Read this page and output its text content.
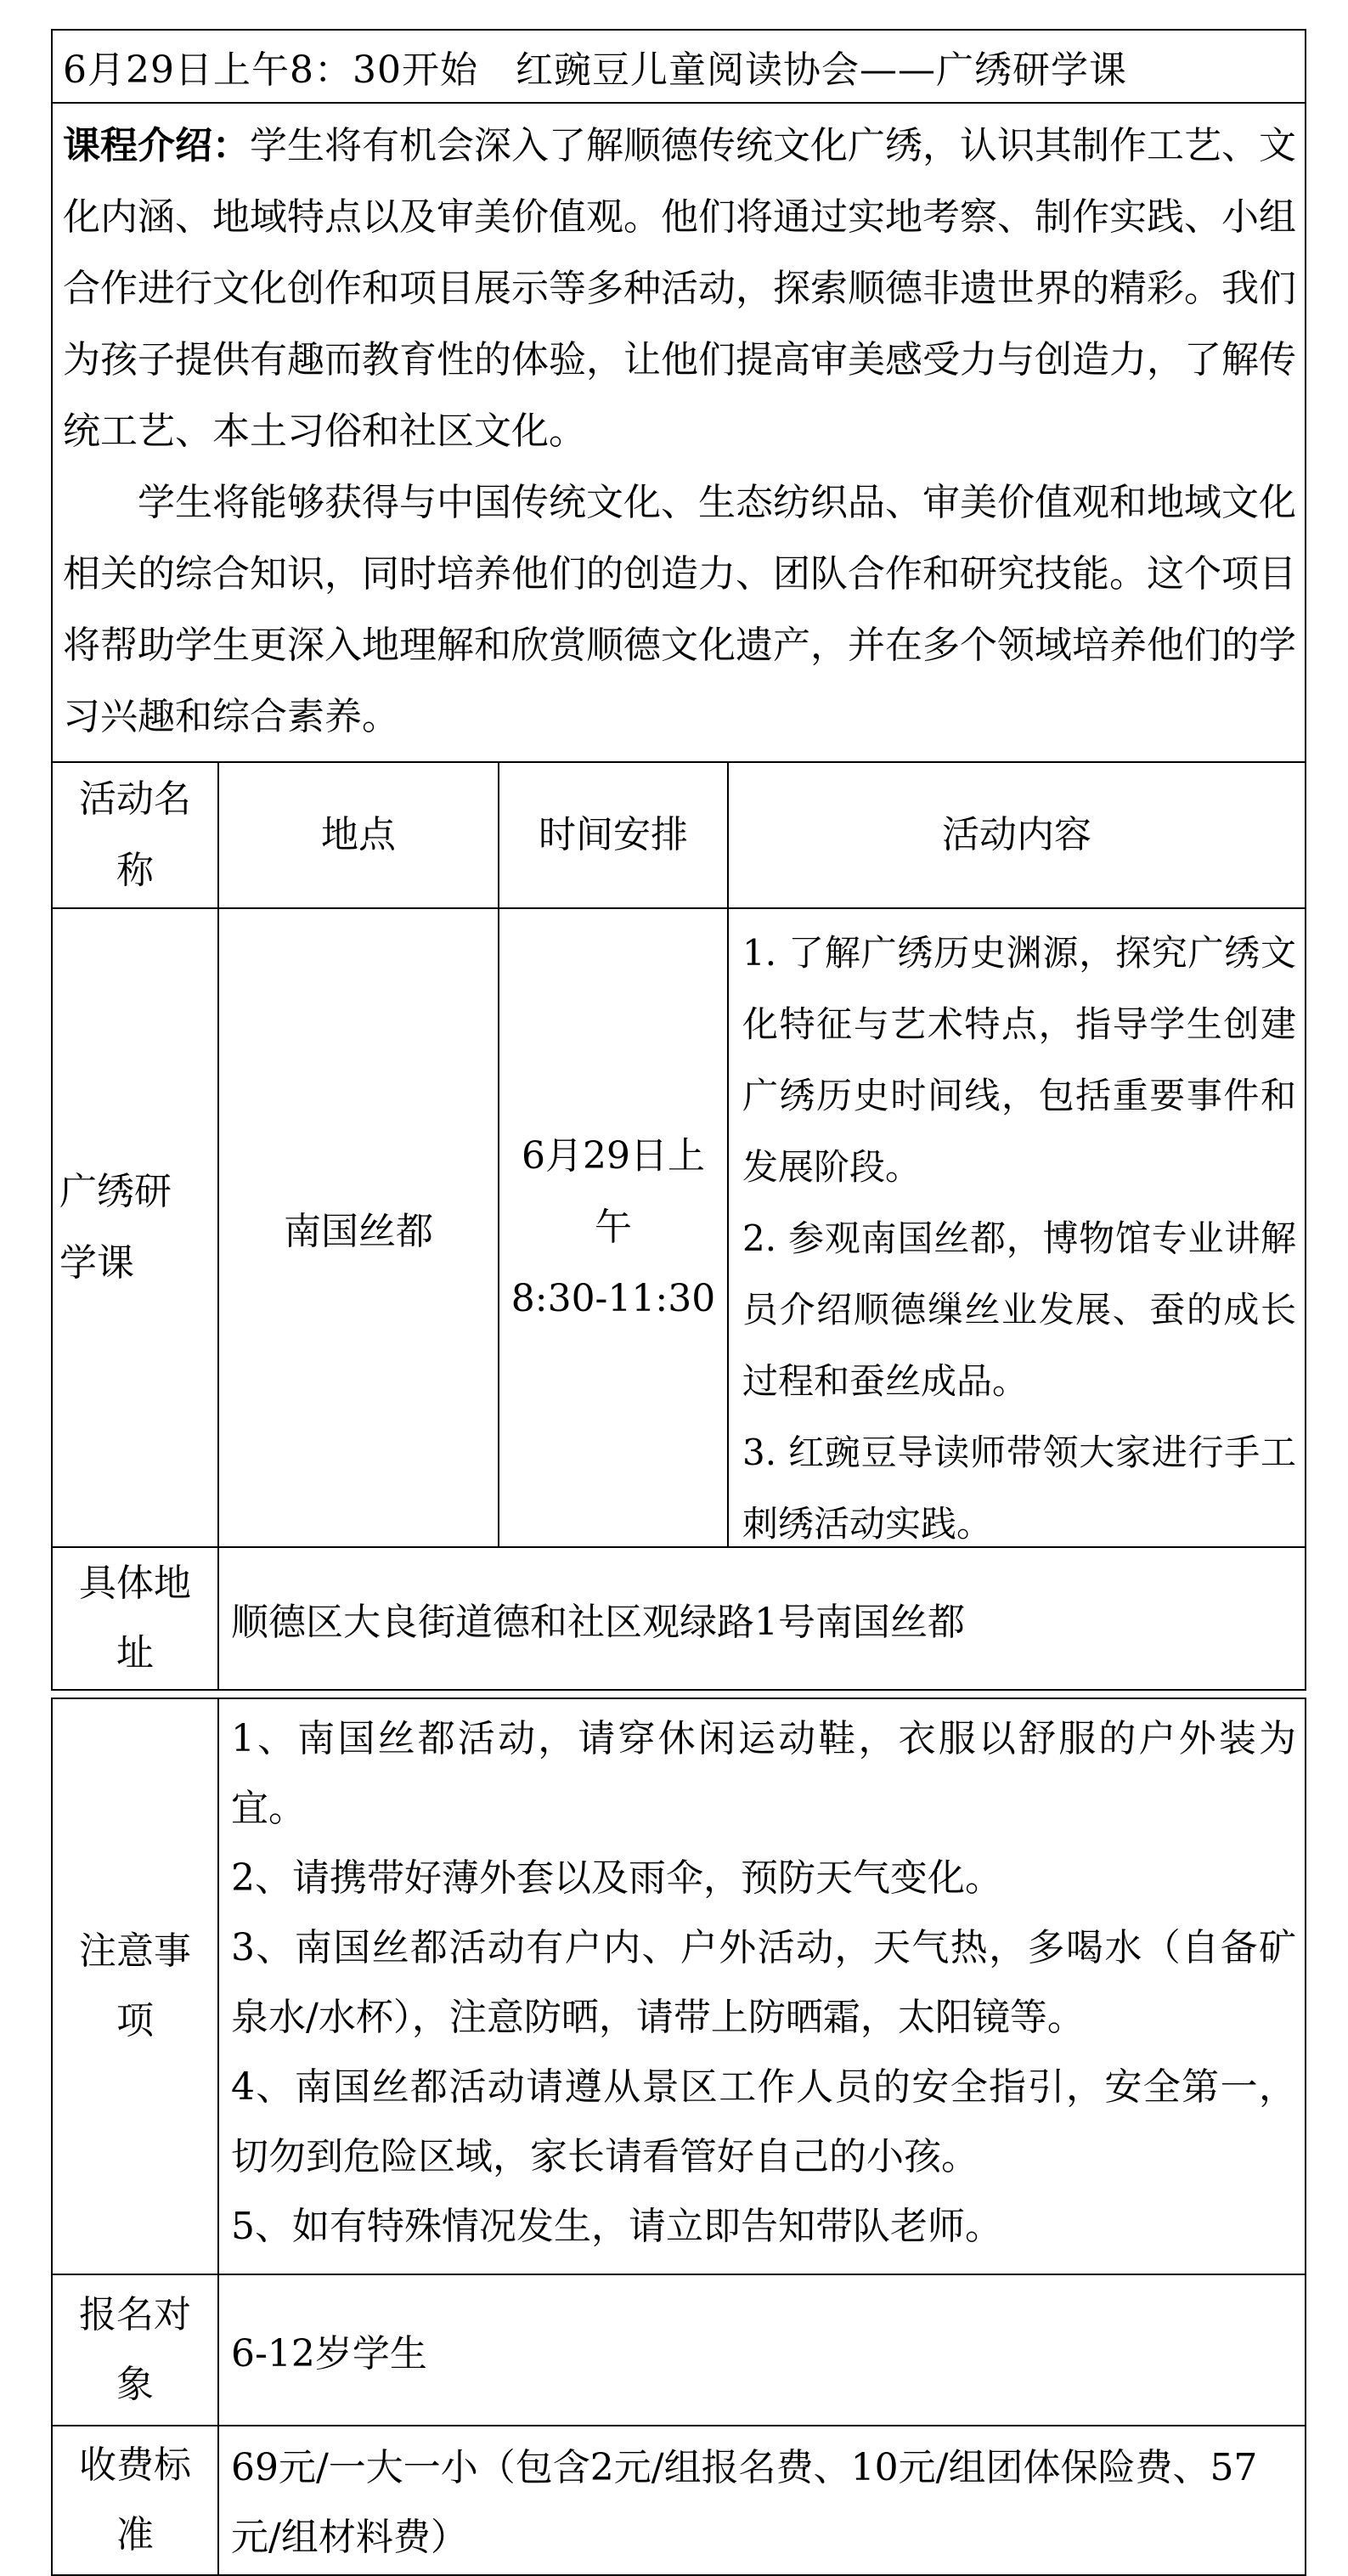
6月29日上午8：30开始 红豌豆儿童阅读协会——广绣研学课

课程介绍：学生将有机会深入了解顺德传统文化广绣，认识其制作工艺、文化内涵、地域特点以及审美价值观。他们将通过实地考察、制作实践、小组合作进行文化创作和项目展示等多种活动，探索顺德非遗世界的精彩。我们为孩子提供有趣而教育性的体验，让他们提高审美感受力与创造力，了解传统工艺、本土习俗和社区文化。

学生将能够获得与中国传统文化、生态纺织品、审美价值观和地域文化相关的综合知识，同时培养他们的创造力、团队合作和研究技能。这个项目将帮助学生更深入地理解和欣赏顺德文化遗产，并在多个领域培养他们的学习兴趣和综合素养。

活动名
称
地点	时间安排	活动内容
广绣研
学课
南国丝都
6月29日上
午
8:30-11:30

1. 了解广绣历史渊源，探究广绣文化特征与艺术特点，指导学生创建广绣历史时间线，包括重要事件和发展阶段。

2. 参观南国丝都，博物馆专业讲解员介绍顺德缫丝业发展、蚕的成长过程和蚕丝成品。

3. 红豌豆导读师带领大家进行手工刺绣活动实践。

具体地
址
顺德区大良街道德和社区观绿路1号南国丝都
注意事
项

1、南国丝都活动，请穿休闲运动鞋，衣服以舒服的户外装为宜。

2、请携带好薄外套以及雨伞，预防天气变化。

3、南国丝都活动有户内、户外活动，天气热，多喝水（自备矿泉水/水杯），注意防晒，请带上防晒霜，太阳镜等。

4、南国丝都活动请遵从景区工作人员的安全指引，安全第一，切勿到危险区域，家长请看管好自己的小孩。

5、如有特殊情况发生，请立即告知带队老师。

报名对
象
6-12岁学生
收费标
准
69元/一大一小（包含2元/组报名费、10元/组团体保险费、57元/组材料费）
